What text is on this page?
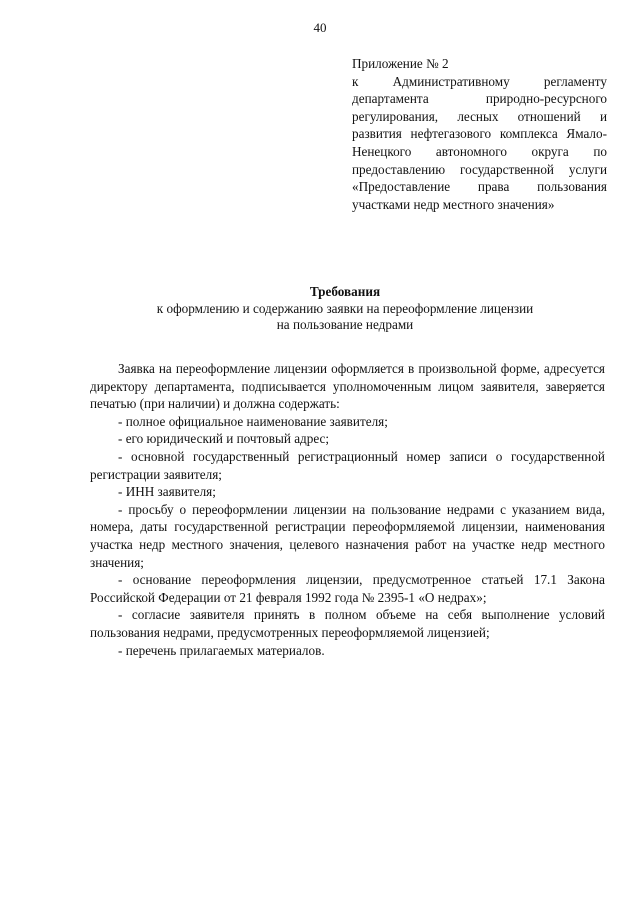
40

Приложение № 2

к Административному регламенту департамента природно-ресурсного регулирования, лесных отношений и развития нефтегазового комплекса Ямало-Ненецкого автономного округа по предоставлению государственной услуги «Предоставление права пользования участками недр местного значения»

Требования

к оформлению и содержанию заявки на переоформление лицензии

на пользование недрами

Заявка на переоформление лицензии оформляется в произвольной форме, адресуется директору департамента, подписывается уполномоченным лицом заявителя, заверяется печатью (при наличии) и должна содержать:

- полное официальное наименование заявителя;

- его юридический и почтовый адрес;

- основной государственный регистрационный номер записи о государственной регистрации заявителя;

- ИНН заявителя;

- просьбу о переоформлении лицензии на пользование недрами с указанием вида, номера, даты государственной регистрации переоформляемой лицензии, наименования участка недр местного значения, целевого назначения работ на участке недр местного значения;

- основание переоформления лицензии, предусмотренное статьей 17.1 Закона Российской Федерации от 21 февраля 1992 года № 2395-1 «О недрах»;

- согласие заявителя принять в полном объеме на себя выполнение условий пользования недрами, предусмотренных переоформляемой лицензией;

- перечень прилагаемых материалов.
